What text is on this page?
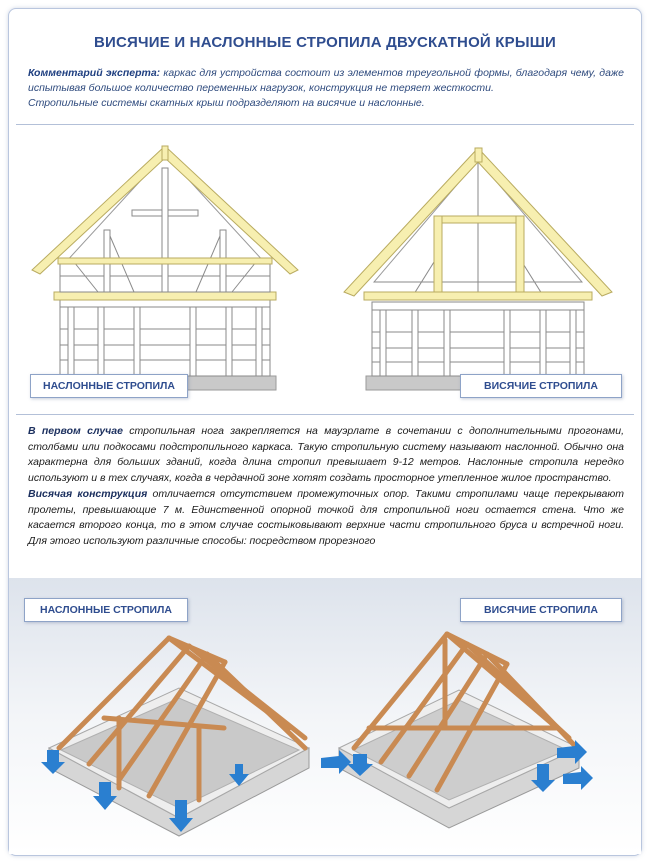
ВИСЯЧИЕ И НАСЛОННЫЕ СТРОПИЛА ДВУСКАТНОЙ КРЫШИ
Комментарий эксперта: каркас для устройства состоит из элементов треугольной формы, благодаря чему, даже испытывая большое количество переменных нагрузок, конструкция не теряет жесткости.
Стропильные системы скатных крыш подразделяют на висячие и наслонные.
НАСЛОННЫЕ СТРОПИЛА	ВИСЯЧИЕ СТРОПИЛА
В первом случае стропильная нога закрепляется на мауэрлате в сочетании с дополнительными прогонами, столбами или подкосами подстропильного каркаса. Такую стропильную систему называют наслонной. Обычно она характерна для больших зданий, когда длина стропил превышает 9-12 метров. Наслонные стропила нередко используют и в тех случаях, когда в чердачной зоне хотят создать просторное утепленное жилое пространство.
Висячая конструкция отличается отсутствием промежуточных опор. Такими стропилами чаще перекрывают пролеты, превышающие 7 м. Единственной опорной точкой для стропильной ноги остается стена. Что же касается второго конца, то в этом случае состыковывают верхние части стропильного бруса и встречной ноги. Для этого используют различные способы: посредством прорезного
НАСЛОННЫЕ СТРОПИЛА	ВИСЯЧИЕ СТРОПИЛА
